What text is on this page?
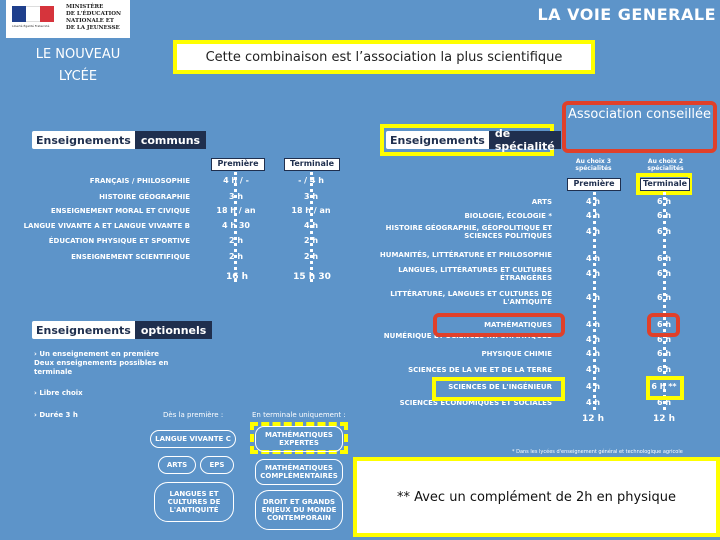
Liberté Égalité Fraternité
MINISTÈRE
DE L'ÉDUCATION
NATIONALE ET
DE LA JEUNESSE
LA VOIE GENERALE
LE NOUVEAU LYCÉE
Cette combinaison est l’association la plus scientifique
Enseignements communs
Première	Terminale
FRANÇAIS / PHILOSOPHIE	4 h / -	- / 4 h
HISTOIRE GÉOGRAPHIE	3 h	3 h
ENSEIGNEMENT MORAL ET CIVIQUE	18 h / an	18 h / an
LANGUE VIVANTE A ET LANGUE VIVANTE B	4 h 30	4 h
ÉDUCATION PHYSIQUE ET SPORTIVE	2 h	2 h
ENSEIGNEMENT SCIENTIFIQUE	2 h	2 h
16 h	15 h 30
Enseignements de spécialité
Association conseillée
Au choix 3 spécialités
Au choix 2 spécialités
Première	Terminale
ARTS	4 h	6 h
BIOLOGIE, ÉCOLOGIE *	4 h	6 h
HISTOIRE GÉOGRAPHIE, GÉOPOLITIQUE ET SCIENCES POLITIQUES	4 h	6 h
HUMANITÉS, LITTÉRATURE ET PHILOSOPHIE	4 h	6 h
LANGUES, LITTÉRATURES ET CULTURES ÉTRANGÈRES	4 h	6 h
LITTÉRATURE, LANGUES ET CULTURES DE L'ANTIQUITÉ	4 h	6 h
MATHÉMATIQUES	4 h	6 h
NUMÉRIQUE ET SCIENCES INFORMATIQUES	4 h	6 h
PHYSIQUE CHIMIE	4 h	6 h
SCIENCES DE LA VIE ET DE LA TERRE	4 h	6 h
SCIENCES DE L'INGÉNIEUR	4 h	6 h **
SCIENCES ÉCONOMIQUES ET SOCIALES	4 h	6 h
12 h	12 h
* Dans les lycées d'enseignement général et technologique agricole
Enseignements optionnels
› Un enseignement en première Deux enseignements possibles en terminale
› Libre choix
› Durée 3 h	Dès la première :	En terminale uniquement :
LANGUE VIVANTE C
ARTS	EPS
LANGUES ET CULTURES DE L'ANTIQUITÉ
MATHÉMATIQUES EXPERTES
MATHÉMATIQUES COMPLÉMENTAIRES
DROIT ET GRANDS ENJEUX DU MONDE CONTEMPORAIN
** Avec un complément de 2h en physique
